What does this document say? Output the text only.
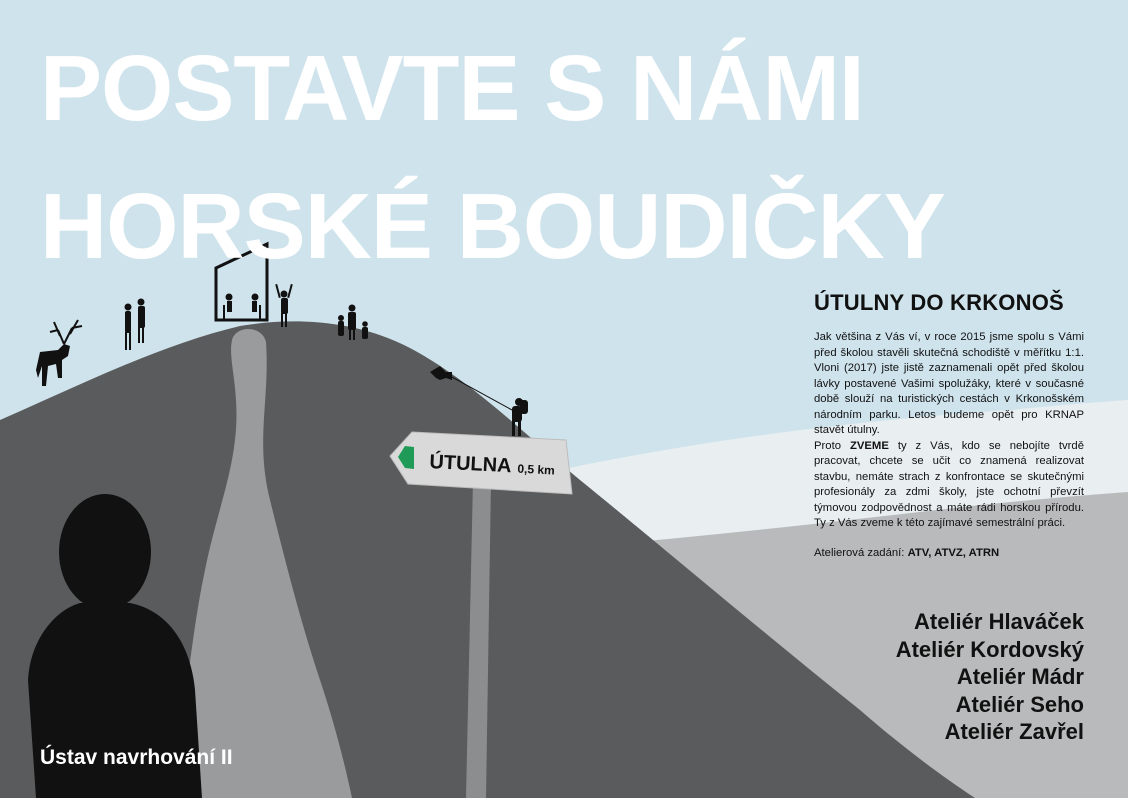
POSTAVTE S NÁMI
HORSKÉ BOUDIČKY
ÚTULNA 0,5 km
ÚTULNY DO KRKONOŠ

Jak většina z Vás ví, v roce 2015 jsme spolu s Vámi před školou stavěli skutečná schodiště v měřítku 1:1. Vloni (2017) jste jistě zaznamenali opět před školou lávky postavené Vašimi spolužáky, které v současné době slouží na turistických cestách v Krkonošském národním parku. Letos budeme opět pro KRNAP stavět útulny.

Proto ZVEME ty z Vás, kdo se nebojíte tvrdě pracovat, chcete se učit co znamená realizovat stavbu, nemáte strach z konfrontace se skutečnými profesionály za zdmi školy, jste ochotní převzít týmovou zodpovědnost a máte rádi horskou přírodu. Ty z Vás zveme k této zajímavé semestrální práci.

Atelierová zadání: ATV, ATVZ, ATRN

Ateliér Hlaváček
Ateliér Kordovský
Ateliér Mádr
Ateliér Seho
Ateliér Zavřel
Ústav navrhování II
